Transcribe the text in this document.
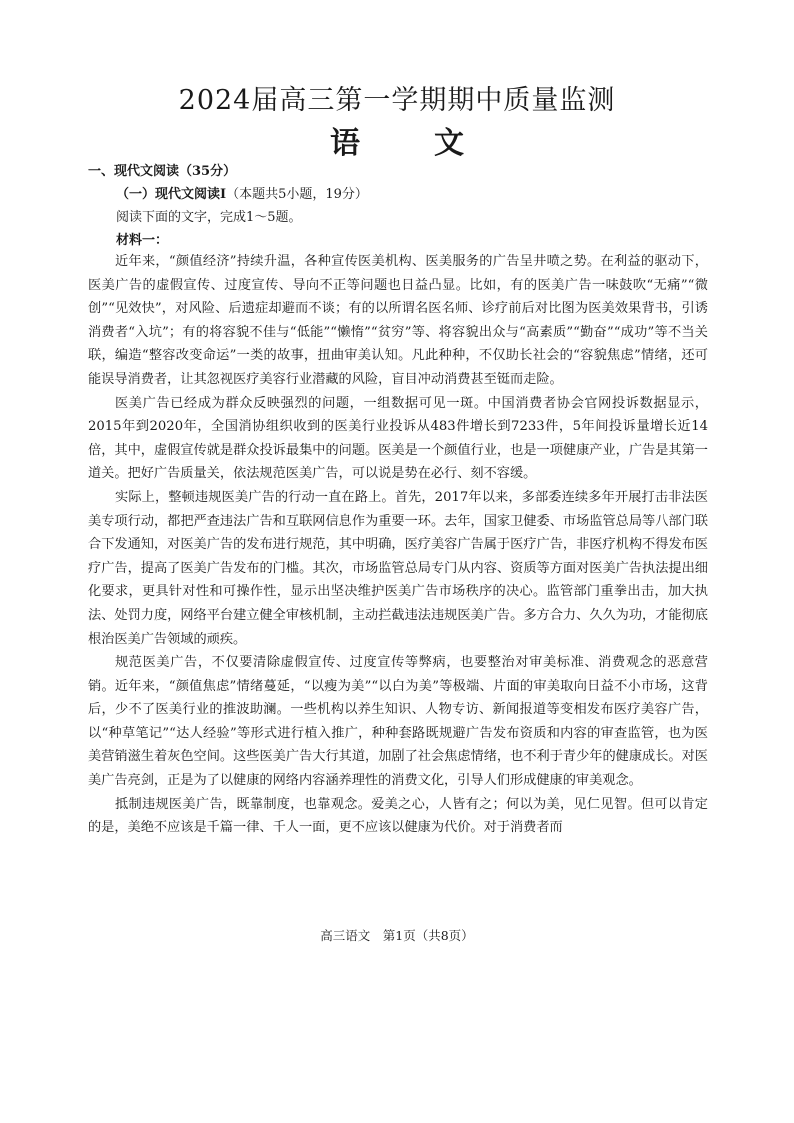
2024届高三第一学期期中质量监测
语　文

一、现代文阅读（35分）

（一）现代文阅读Ⅰ（本题共5小题，19分）

阅读下面的文字，完成1～5题。

材料一：

近年来，“颜值经济”持续升温，各种宣传医美机构、医美服务的广告呈井喷之势。在利益的驱动下，医美广告的虚假宣传、过度宣传、导向不正等问题也日益凸显。比如，有的医美广告一味鼓吹“无痛”“微创”“见效快”，对风险、后遗症却避而不谈；有的以所谓名医名师、诊疗前后对比图为医美效果背书，引诱消费者“入坑”；有的将容貌不佳与“低能”“懒惰”“贫穷”等、将容貌出众与“高素质”“勤奋”“成功”等不当关联，编造“整容改变命运”一类的故事，扭曲审美认知。凡此种种，不仅助长社会的“容貌焦虑”情绪，还可能误导消费者，让其忽视医疗美容行业潜藏的风险，盲目冲动消费甚至铤而走险。

医美广告已经成为群众反映强烈的问题，一组数据可见一斑。中国消费者协会官网投诉数据显示，2015年到2020年，全国消协组织收到的医美行业投诉从483件增长到7233件，5年间投诉量增长近14倍，其中，虚假宣传就是群众投诉最集中的问题。医美是一个颜值行业，也是一项健康产业，广告是其第一道关。把好广告质量关，依法规范医美广告，可以说是势在必行、刻不容缓。

实际上，整顿违规医美广告的行动一直在路上。首先，2017年以来，多部委连续多年开展打击非法医美专项行动，都把严查违法广告和互联网信息作为重要一环。去年，国家卫健委、市场监管总局等八部门联合下发通知，对医美广告的发布进行规范，其中明确，医疗美容广告属于医疗广告，非医疗机构不得发布医疗广告，提高了医美广告发布的门槛。其次，市场监管总局专门从内容、资质等方面对医美广告执法提出细化要求，更具针对性和可操作性，显示出坚决维护医美广告市场秩序的决心。监管部门重拳出击，加大执法、处罚力度，网络平台建立健全审核机制，主动拦截违法违规医美广告。多方合力、久久为功，才能彻底根治医美广告领域的顽疾。

规范医美广告，不仅要清除虚假宣传、过度宣传等弊病，也要整治对审美标准、消费观念的恶意营销。近年来，“颜值焦虑”情绪蔓延，“以瘦为美”“以白为美”等极端、片面的审美取向日益不小市场，这背后，少不了医美行业的推波助澜。一些机构以养生知识、人物专访、新闻报道等变相发布医疗美容广告，以“种草笔记”“达人经验”等形式进行植入推广，种种套路既规避广告发布资质和内容的审查监管，也为医美营销滋生着灰色空间。这些医美广告大行其道，加剧了社会焦虑情绪，也不利于青少年的健康成长。对医美广告亮剑，正是为了以健康的网络内容涵养理性的消费文化，引导人们形成健康的审美观念。

抵制违规医美广告，既靠制度，也靠观念。爱美之心，人皆有之；何以为美，见仁见智。但可以肯定的是，美绝不应该是千篇一律、千人一面，更不应该以健康为代价。对于消费者而

高三语文　第1页（共8页）
